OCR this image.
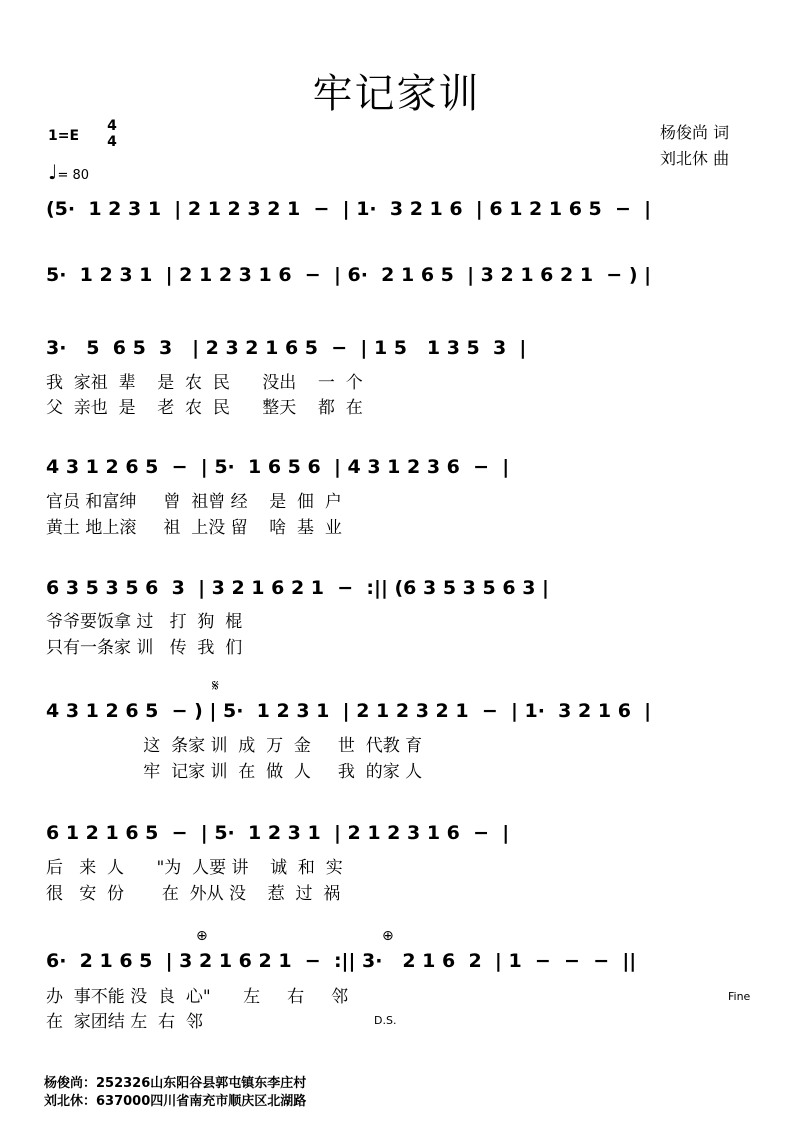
牢记家训
1=E
4
4
♩= 80
杨俊尚 词
刘北休 曲
(5·  1 2 3 1  | 2 1 2 3 2 1  −  | 1·  3 2 1 6  | 6 1 2 1 6 5  −  |
5·  1 2 3 1  | 2 1 2 3 1 6  −  | 6·  2 1 6 5  | 3 2 1 6 2 1  − ) |
3·   5  6 5  3   | 2 3 2 1 6 5  −  | 1 5   1 3 5  3  |
我  家祖  辈    是  农  民      没出    一  个
父  亲也  是    老  农  民      整天    都  在
4 3 1 2 6 5  −  | 5·  1 6 5 6  | 4 3 1 2 3 6  −  |
官员 和富绅     曾  祖曾 经    是  佃  户
黄土 地上滚     祖  上没 留    啥  基  业
6 3 5 3 5 6  3  | 3 2 1 6 2 1  −  :|| (6 3 5 3 5 6 3 |
爷爷要饭拿 过   打  狗  棍
只有一条家 训   传  我  们
𝄋
4 3 1 2 6 5  − ) | 5·  1 2 3 1  | 2 1 2 3 2 1  −  | 1·  3 2 1 6  |
这  条家 训  成  万  金     世  代教 育
牢  记家 训  在  做  人     我  的家 人
6 1 2 1 6 5  −  | 5·  1 2 3 1  | 2 1 2 3 1 6  −  |
后   来  人      "为  人要 讲    诚  和  实
很   安  份       在  外从 没    惹  过  祸
⊕	⊕
6·  2 1 6 5  | 3 2 1 6 2 1  −  :|| 3·   2 1 6  2  | 1  −  −  −  ||
办  事不能 没  良  心"      左     右     邻
在  家团结 左  右  邻
Fine
D.S.
杨俊尚：252326山东阳谷县郭屯镇东李庄村
刘北休：637000四川省南充市顺庆区北湖路
